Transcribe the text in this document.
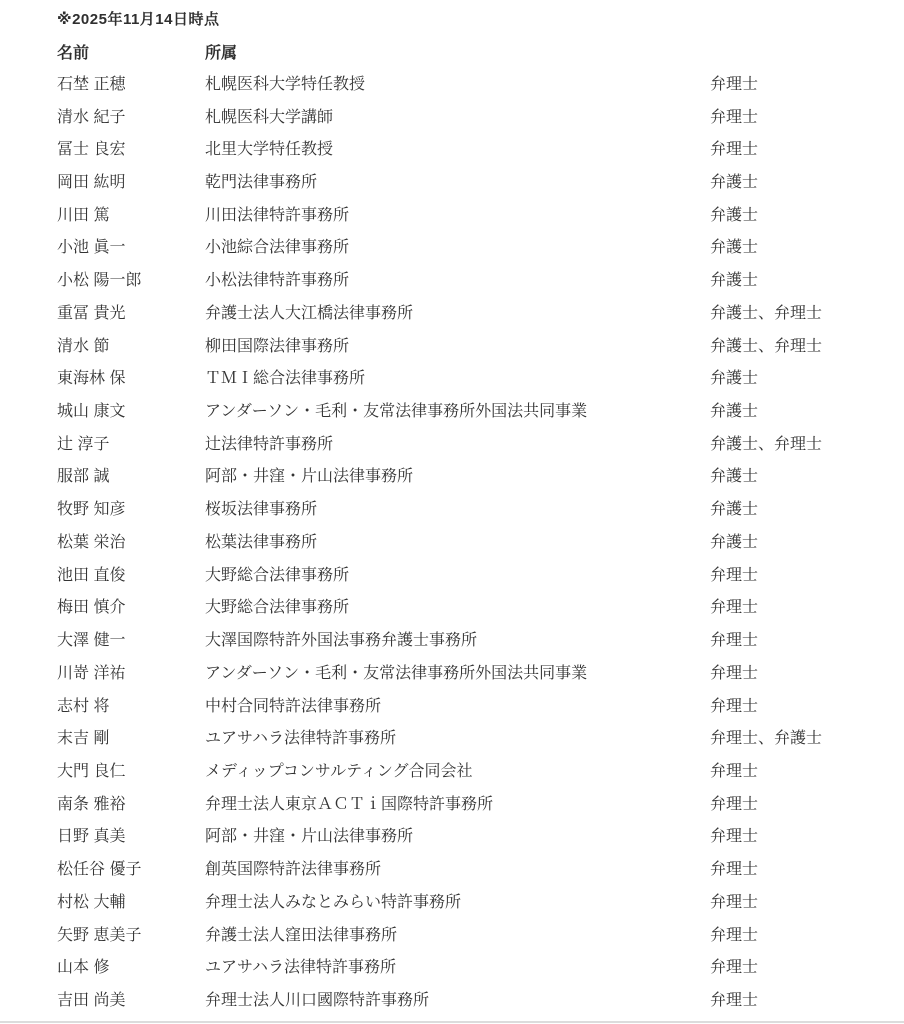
※2025年11月14日時点
名前	所属
石埜 正穂	札幌医科大学特任教授	弁理士
清水 紀子	札幌医科大学講師	弁理士
冨士 良宏	北里大学特任教授	弁理士
岡田 紘明	乾門法律事務所	弁護士
川田 篤	川田法律特許事務所	弁護士
小池 眞一	小池綜合法律事務所	弁護士
小松 陽一郎	小松法律特許事務所	弁護士
重冨 貴光	弁護士法人大江橋法律事務所	弁護士、弁理士
清水 節	柳田国際法律事務所	弁護士、弁理士
東海林 保	ＴＭＩ総合法律事務所	弁護士
城山 康文	アンダーソン・毛利・友常法律事務所外国法共同事業	弁護士
辻 淳子	辻法律特許事務所	弁護士、弁理士
服部 誠	阿部・井窪・片山法律事務所	弁護士
牧野 知彦	桜坂法律事務所	弁護士
松葉 栄治	松葉法律事務所	弁護士
池田 直俊	大野総合法律事務所	弁理士
梅田 慎介	大野総合法律事務所	弁理士
大澤 健一	大澤国際特許外国法事務弁護士事務所	弁理士
川嵜 洋祐	アンダーソン・毛利・友常法律事務所外国法共同事業	弁理士
志村 将	中村合同特許法律事務所	弁理士
末吉 剛	ユアサハラ法律特許事務所	弁理士、弁護士
大門 良仁	メディップコンサルティング合同会社	弁理士
南条 雅裕	弁理士法人東京ＡＣＴｉ国際特許事務所	弁理士
日野 真美	阿部・井窪・片山法律事務所	弁理士
松任谷 優子	創英国際特許法律事務所	弁理士
村松 大輔	弁理士法人みなとみらい特許事務所	弁理士
矢野 恵美子	弁護士法人窪田法律事務所	弁理士
山本 修	ユアサハラ法律特許事務所	弁理士
吉田 尚美	弁理士法人川口國際特許事務所	弁理士
